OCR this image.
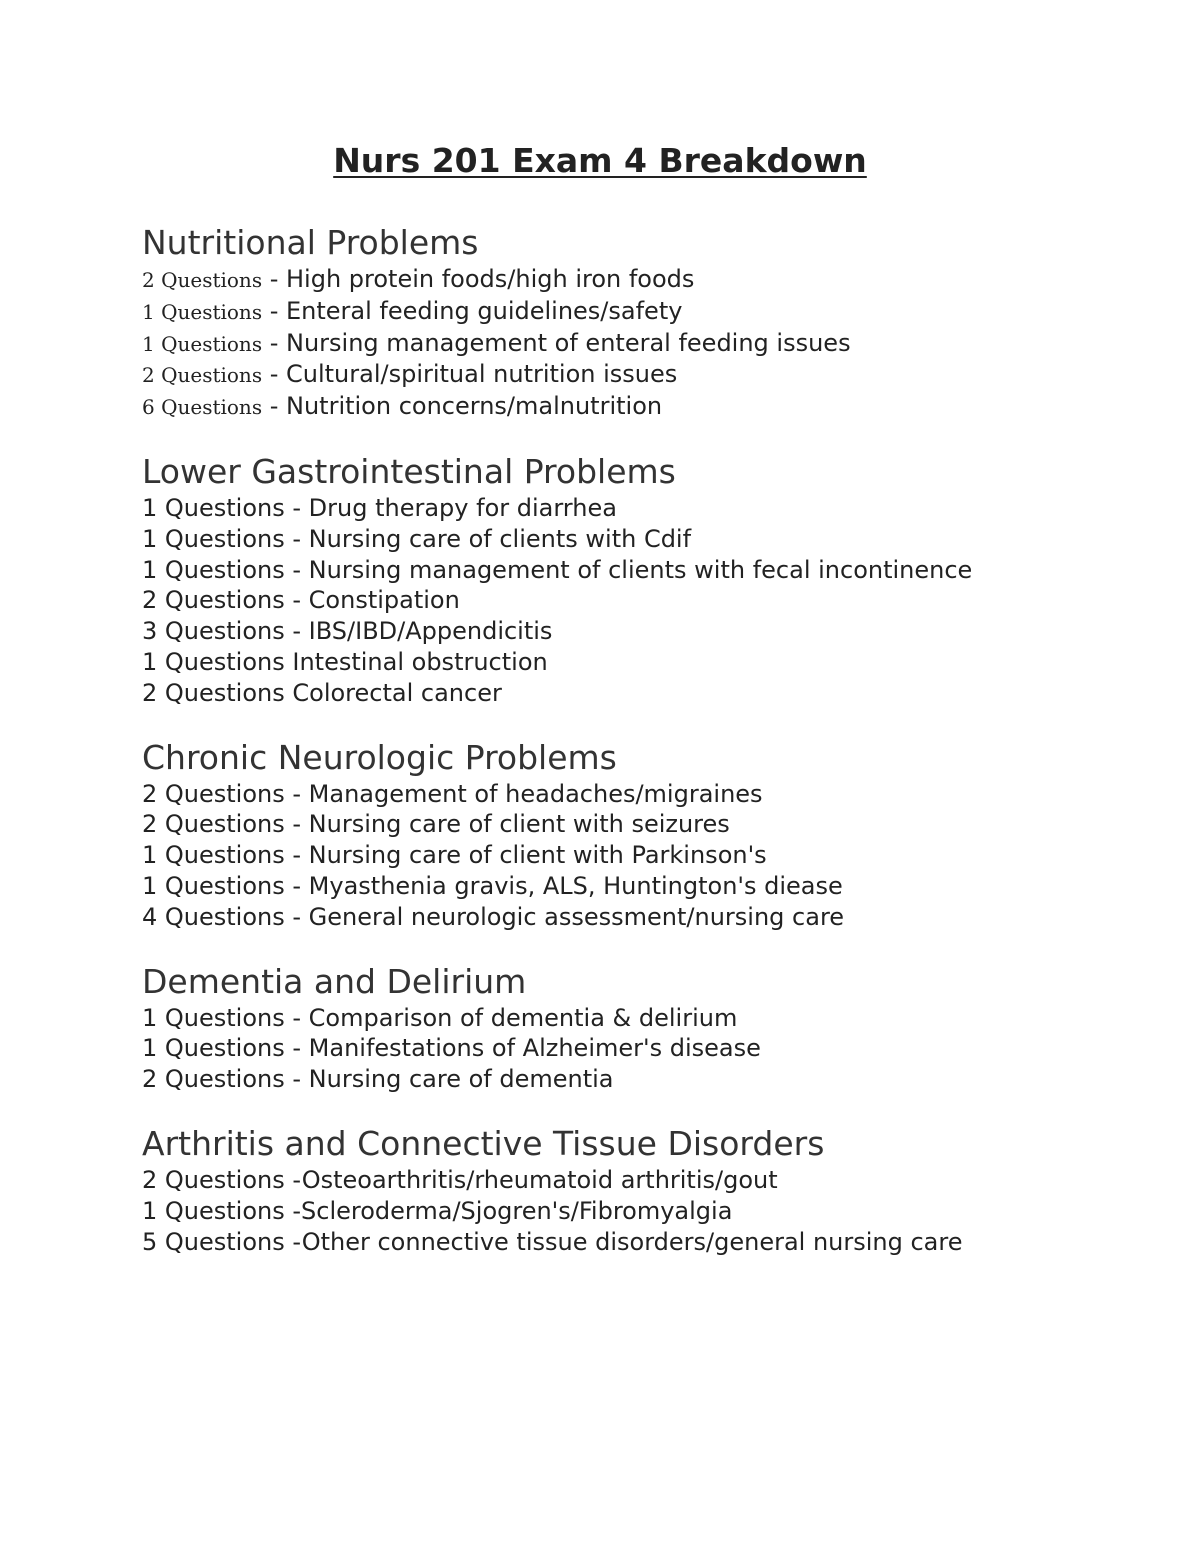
Nurs 201 Exam 4 Breakdown
Nutritional Problems
2 Questions - High protein foods/high iron foods
1 Questions - Enteral feeding guidelines/safety
1 Questions - Nursing management of enteral feeding issues
2 Questions - Cultural/spiritual nutrition issues
6 Questions - Nutrition concerns/malnutrition
Lower Gastrointestinal Problems
1 Questions - Drug therapy for diarrhea
1 Questions - Nursing care of clients with Cdif
1 Questions - Nursing management of clients with fecal incontinence
2 Questions - Constipation
3 Questions - IBS/IBD/Appendicitis
1 Questions Intestinal obstruction
2 Questions Colorectal cancer
Chronic Neurologic Problems
2 Questions - Management of headaches/migraines
2 Questions - Nursing care of client with seizures
1 Questions - Nursing care of client with Parkinson's
1 Questions - Myasthenia gravis, ALS, Huntington's diease
4 Questions - General neurologic assessment/nursing care
Dementia and Delirium
1 Questions - Comparison of dementia & delirium
1 Questions - Manifestations of Alzheimer's disease
2 Questions - Nursing care of dementia
Arthritis and Connective Tissue Disorders
2 Questions -Osteoarthritis/rheumatoid arthritis/gout
1 Questions -Scleroderma/Sjogren's/Fibromyalgia
5 Questions -Other connective tissue disorders/general nursing care
